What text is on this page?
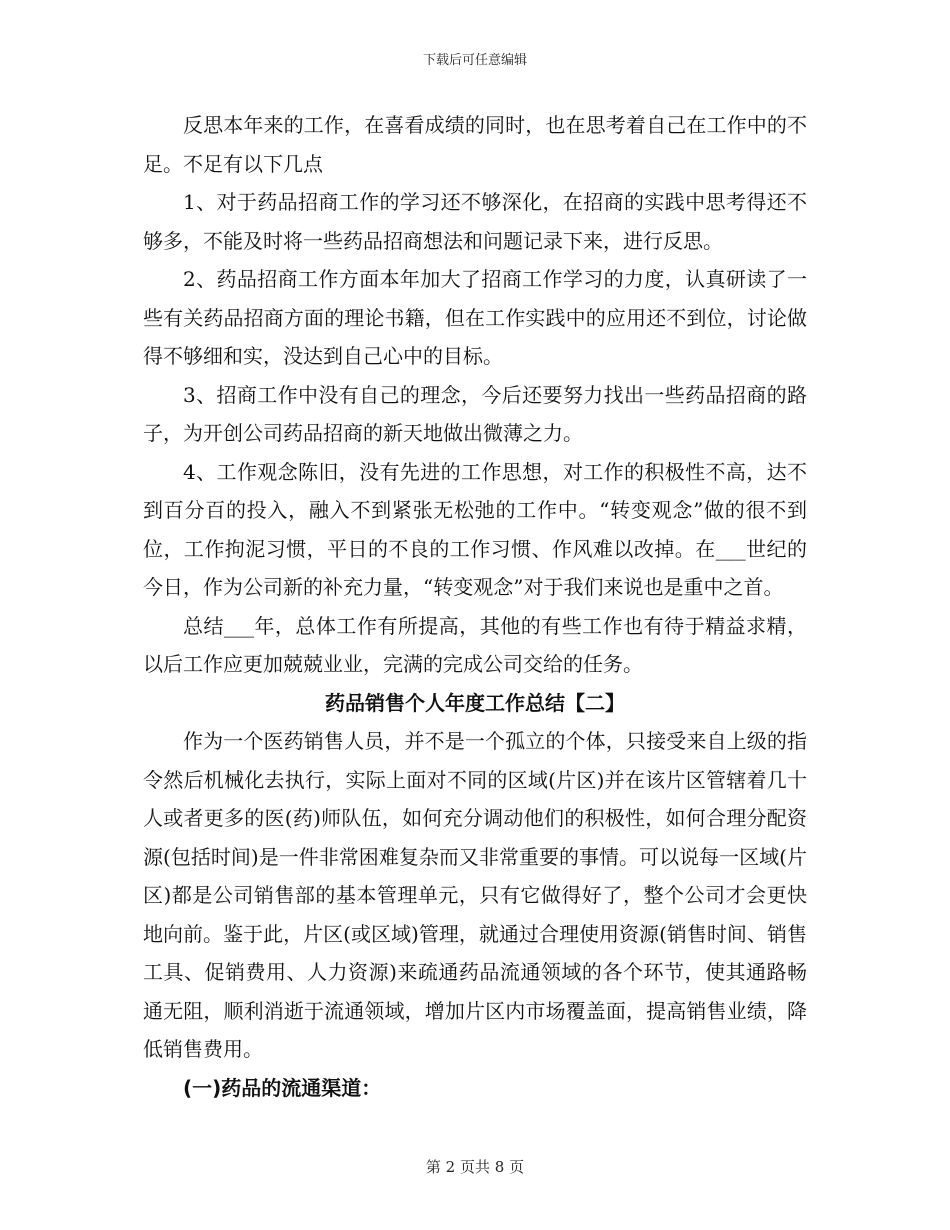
下载后可任意编辑

反思本年来的工作，在喜看成绩的同时，也在思考着自己在工作中的不足。不足有以下几点

1、对于药品招商工作的学习还不够深化，在招商的实践中思考得还不够多，不能及时将一些药品招商想法和问题记录下来，进行反思。

2、药品招商工作方面本年加大了招商工作学习的力度，认真研读了一些有关药品招商方面的理论书籍，但在工作实践中的应用还不到位，讨论做得不够细和实，没达到自己心中的目标。

3、招商工作中没有自己的理念，今后还要努力找出一些药品招商的路子，为开创公司药品招商的新天地做出微薄之力。

4、工作观念陈旧，没有先进的工作思想，对工作的积极性不高，达不到百分百的投入，融入不到紧张无松弛的工作中。“转变观念”做的很不到位，工作拘泥习惯，平日的不良的工作习惯、作风难以改掉。在___世纪的今日，作为公司新的补充力量，“转变观念”对于我们来说也是重中之首。

总结___年，总体工作有所提高，其他的有些工作也有待于精益求精，以后工作应更加兢兢业业，完满的完成公司交给的任务。

药品销售个人年度工作总结【二】

作为一个医药销售人员，并不是一个孤立的个体，只接受来自上级的指令然后机械化去执行，实际上面对不同的区域(片区)并在该片区管辖着几十人或者更多的医(药)师队伍，如何充分调动他们的积极性，如何合理分配资源(包括时间)是一件非常困难复杂而又非常重要的事情。可以说每一区域(片区)都是公司销售部的基本管理单元，只有它做得好了，整个公司才会更快地向前。鉴于此，片区(或区域)管理，就通过合理使用资源(销售时间、销售工具、促销费用、人力资源)来疏通药品流通领域的各个环节，使其通路畅通无阻，顺利消逝于流通领域，增加片区内市场覆盖面，提高销售业绩，降低销售费用。

(一)药品的流通渠道：
第 2 页共 8 页
